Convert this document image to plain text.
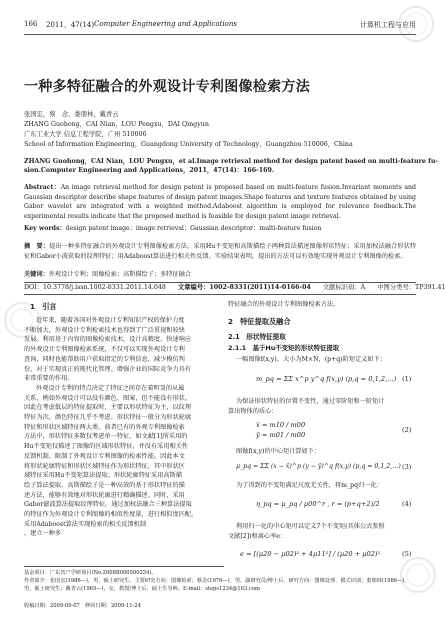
166 2011，47(14) Computer Engineering and Applications	计算机工程与应用
一种多特征融合的外观设计专利图像检索方法
张国宏，蔡　念，娄朋林，戴青云
ZHANG Guohong，CAI Nian，LOU Pengxu，DAI Qingyun
广东工业大学 信息工程学院，广州 510006
School of Information Engineering，Guangdong University of Technology，Guangzhou 510006，China
ZHANG Guohong，CAI Nian，LOU Pengxu，et al.Image retrieval method for design patent based on multi-feature fu-
sion.Computer Engineering and Applications，2011，47(14)：166-169.
Abstract：An image retrieval method for design patent is proposed based on multi-feature fusion.Invariant moments and Gaussian descriptor describe shape features of design patent images.Shape features and texture features obtained by using Gabor wavelet are integrated with a weighted method.Adaboost algorithm is employed for relevance feedback.The experimental results indicate that the proposed method is feasible for design patent image retrieval.
Key words：design patent image；image retrieval；Gaussian descriptor；multi-feature fusion
摘　要：提出一种多特征融合的外观设计专利图像检索方法。采用Hu不变矩和高斯描绘子两种算法描述图像形状特征；采用加权法融合形状特征和Gabor小波获取的纹理特征；用Adaboost算法进行相关性反馈。实验结果表明，提出的方法可以有效地实现外观设计专利图像的检索。
关键词：外观设计专利；图像检索；高斯描绘子；多特征融合
DOI：10.3778/j.issn.1002-8331.2011.14.048 文章编号：1002-8331(2011)14-0166-04 文献标识码：A 中图分类号：TP391.41
1　引言
近年来，随着各国对外观设计专利知识产权的保护力度
不断加大，外观设计专利检索技术也得到了广泛重视和较快
发展。利用基于内容的图像检索技术，设计高精度、快速响应
的外观设计专利图像检索系统，不仅可以实现外观设计专利
查询，同时也能帮助用户获取指定的专利信息，减少模仿判
份，对于实现真正的现代化管理、增强企业的国际竞争力具有
非常重要的作用。
外观设计专利的特点决定了特征之间存在着明显的从属
关系，例如外观设计可以没有颜色、图案，但不能没有形状。
因此在考虑低层的特征提取时，主要以形状特征为主，以纹理
特征为次，颜色特征几乎不考虑。形状特征一般分为形状轮廓
特征和形状区域特征两大类。前者已有的外观专利图像检索
方法中，形状特征多数仅考虑单一特征，如文献[1]所采用的
Hu不变矩仅描述了图像的区域形状特征，并没有采用相关性
反馈机制，限制了外观设计专利图像的检索性能。因此本文
将形状轮廓特征和形状区域特征作为形状特征，其中形状区
域特征采用Hu不变矩算法提取；形状轮廓特征采用高斯描
绘子算法提取。高斯描绘子是一种高效的基于形状特征的描
述方法，能够有效地对形状轮廓进行精确描述。同时，采用
Gabor滤波算法提取纹理特征。通过加权法融合三种算法提取
的特征作为外观设计专利图像的相似性度量，进行相似度匹配。
采用Adaboost算法实现检索的相关反馈机制
，建立一种多
特征融合的外观设计专利图像检索方法。
2　特征提取及融合
2.1　形状特征提取
2.1.1　基于Hu不变矩的形状特征提取
一幅图像f(x,y)，大小为M×N，(p+q)阶矩定义如下：
m_pq = ΣΣ x^p y^q f(x,y) (p,q = 0,1,2,…) (1)
为保证形状特征的位置不变性，通过零阶矩和一阶矩计
算出物体的质心：
x̄ = m10 / m00
ȳ = m01 / m00
(2)
图像f(x,y)的中心矩计算如下：
μ_pq = ΣΣ (x − x̄)^p (y − ȳ)^q f(x,y) (p,q = 0,1,2,…) (3)
为了得到的不变矩满足尺度无关性，将m_pq归一化：
η_pq = μ_pq / μ00^r , r = (p+q+2)/2	(4)
利用归一化的中心矩可以定义7个不变矩(具体公式参照
文献[2])和离心率e：
e = [(μ20 − μ02)² + 4μ11²] / (μ20 + μ02)²	(5)
基金项目：广东省产学研项目(No.2008B090500254)。
作者简介：张国宏(1986—)，男，硕士研究生，主要研究方向：图像检索；蔡念(1976—)，男，副研究员/博士后，研究方向：图像处理、模式识别；娄朋林(1986—)，男，硕士研究生；戴青云(1965—)，女，教授/博士后，硕士生导师。E-mail：steps1234@163.com
收稿日期：2009-09-07　修回日期：2009-11-24
